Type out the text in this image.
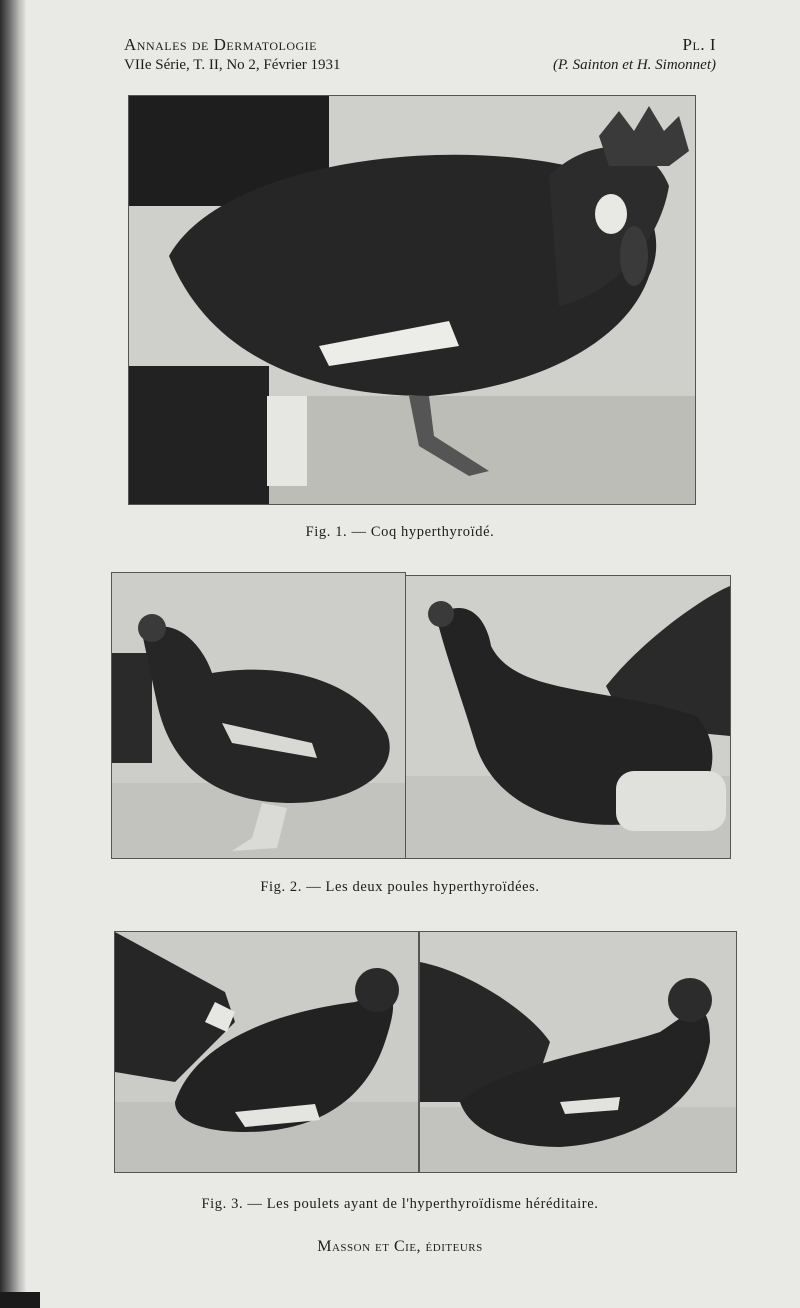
Annales de Dermatologie
VIIe Série, T. II, No 2, Février 1931
Pl. I
(P. Sainton et H. Simonnet)
Fig. 1. — Coq hyperthyroïdé.
Fig. 2. — Les deux poules hyperthyroïdées.
Fig. 3. — Les poulets ayant de l'hyperthyroïdisme héréditaire.
Masson et Cie, éditeurs
